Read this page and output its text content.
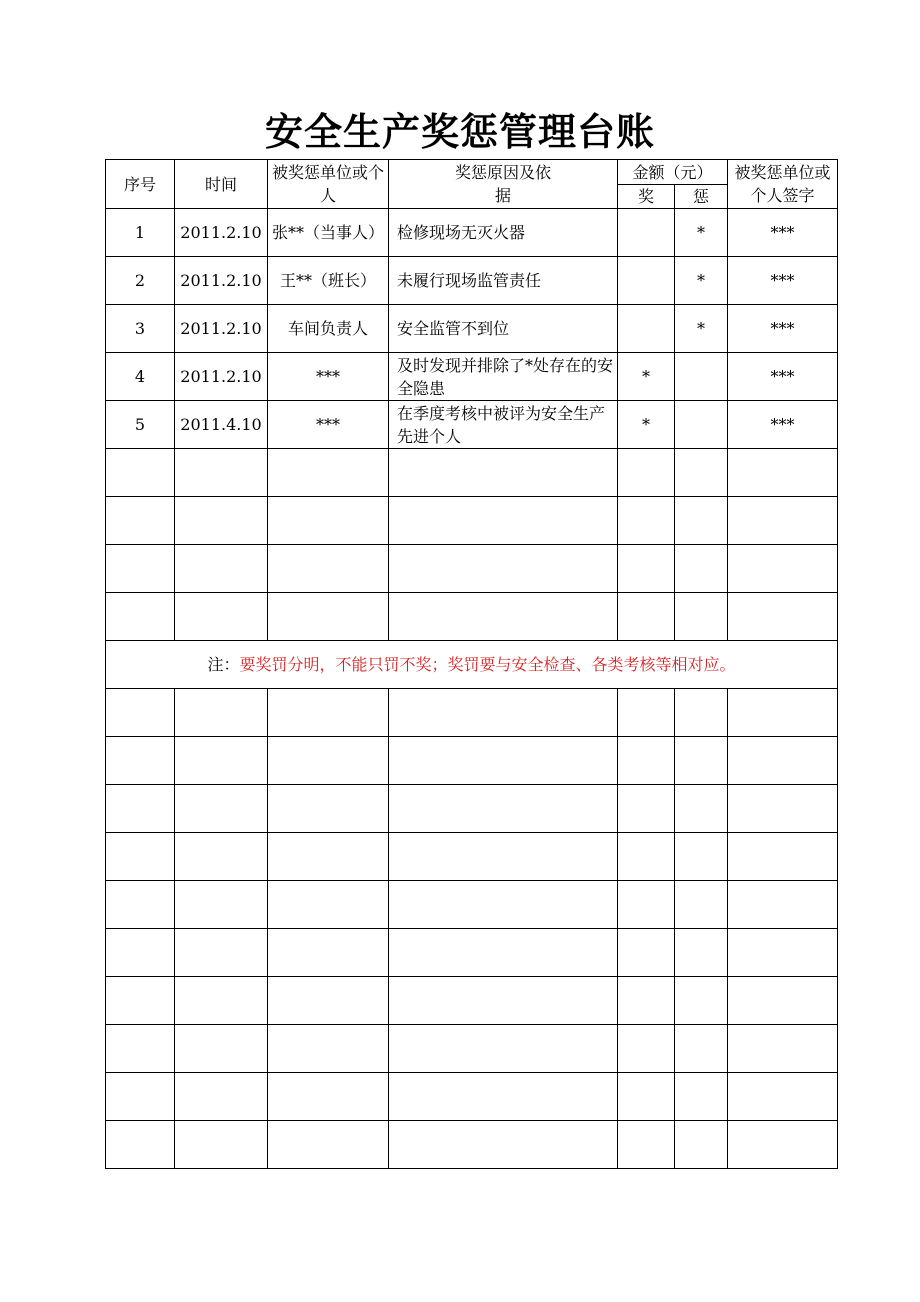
安全生产奖惩管理台账
序号	时间	被奖惩单位或个人	奖惩原因及依据	金额（元）		被奖惩单位或个人签字
				奖	惩	
1	2011.2.10	张**（当事人）	检修现场无灭火器		*	***
2	2011.2.10	王**（班长）	未履行现场监管责任		*	***
3	2011.2.10	车间负责人	安全监管不到位		*	***
4	2011.2.10	***	及时发现并排除了*处存在的安全隐患	*		***
5	2011.4.10	***	在季度考核中被评为安全生产先进个人	*		***

注：要奖罚分明，不能只罚不奖；奖罚要与安全检查、各类考核等相对应。						
